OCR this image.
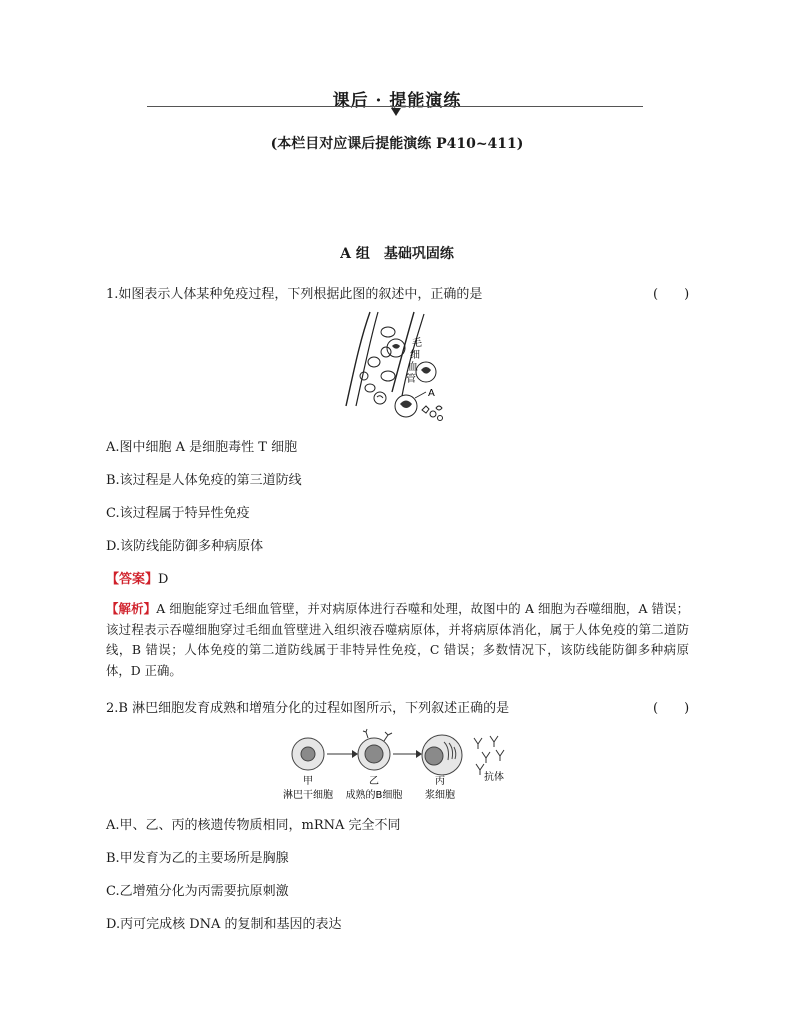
课后 · 提能演练
(本栏目对应课后提能演练 P410~411)
A 组　基础巩固练
1.如图表示人体某种免疫过程，下列根据此图的叙述中，正确的是	(　　)
毛
细
血
管
A
A.图中细胞 A 是细胞毒性 T 细胞
B.该过程是人体免疫的第三道防线
C.该过程属于特异性免疫
D.该防线能防御多种病原体
【答案】D
【解析】A 细胞能穿过毛细血管壁，并对病原体进行吞噬和处理，故图中的 A 细胞为吞噬细胞，A 错误；该过程表示吞噬细胞穿过毛细血管壁进入组织液吞噬病原体，并将病原体消化，属于人体免疫的第二道防线，B 错误；人体免疫的第二道防线属于非特异性免疫，C 错误；多数情况下，该防线能防御多种病原体，D 正确。
2.B 淋巴细胞发育成熟和增殖分化的过程如图所示，下列叙述正确的是	(　　)
甲
淋巴干细胞
乙
成熟的B细胞
丙
浆细胞
抗体
A.甲、乙、丙的核遗传物质相同，mRNA 完全不同
B.甲发育为乙的主要场所是胸腺
C.乙增殖分化为丙需要抗原刺激
D.丙可完成核 DNA 的复制和基因的表达
